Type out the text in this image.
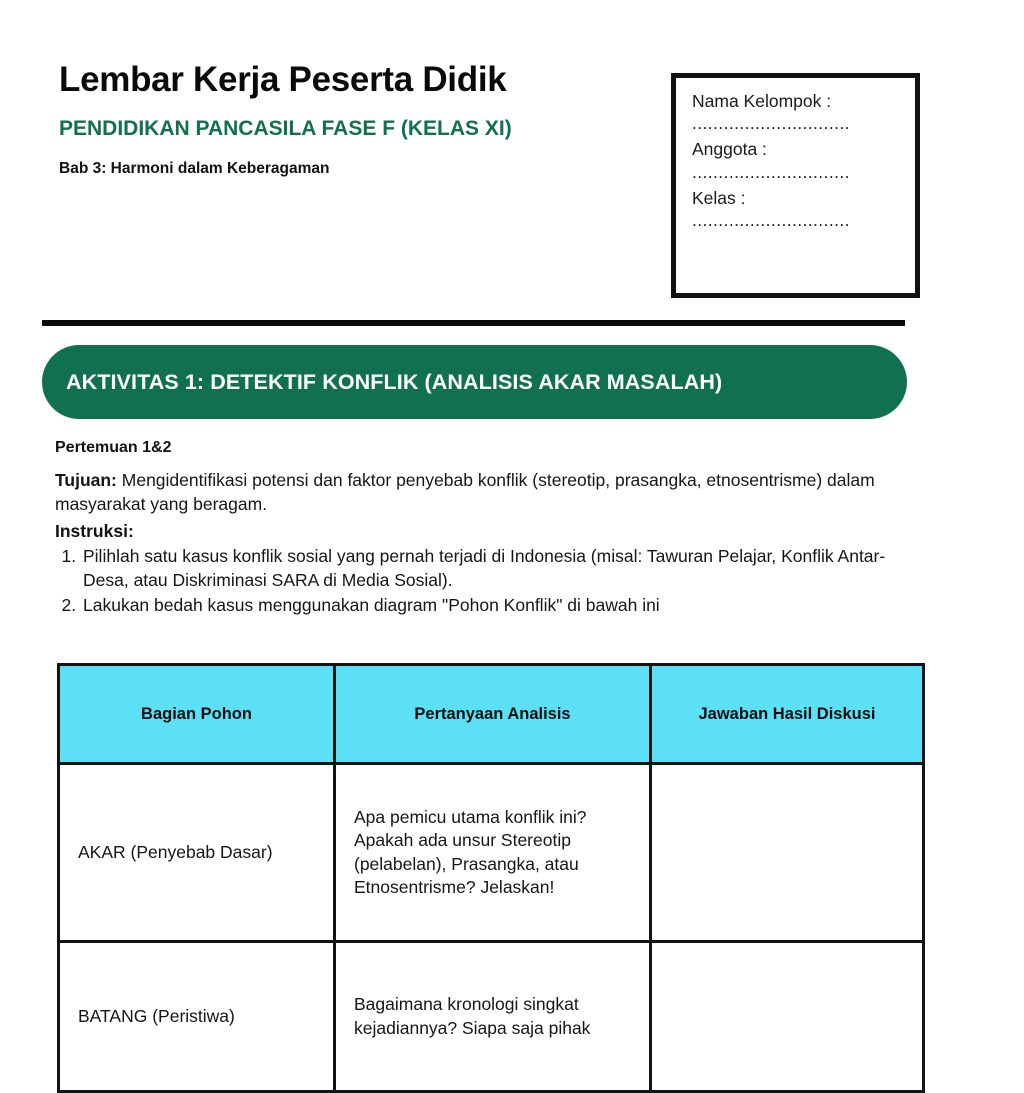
Lembar Kerja Peserta Didik
PENDIDIKAN PANCASILA FASE F (KELAS XI)
Bab 3: Harmoni dalam Keberagaman
Nama Kelompok :
..............................
Anggota :
..............................
Kelas :
..............................
AKTIVITAS 1: DETEKTIF KONFLIK (ANALISIS AKAR MASALAH)
Pertemuan 1&2

Tujuan: Mengidentifikasi potensi dan faktor penyebab konflik (stereotip, prasangka, etnosentrisme) dalam masyarakat yang beragam.

Instruksi:
1. Pilihlah satu kasus konflik sosial yang pernah terjadi di Indonesia (misal: Tawuran Pelajar, Konflik Antar-Desa, atau Diskriminasi SARA di Media Sosial).
2. Lakukan bedah kasus menggunakan diagram "Pohon Konflik" di bawah ini
Bagian Pohon	Pertanyaan Analisis	Jawaban Hasil Diskusi
AKAR (Penyebab Dasar)	Apa pemicu utama konflik ini? Apakah ada unsur Stereotip (pelabelan), Prasangka, atau Etnosentrisme? Jelaskan!	
BATANG (Peristiwa)	Bagaimana kronologi singkat kejadiannya? Siapa saja pihak	
